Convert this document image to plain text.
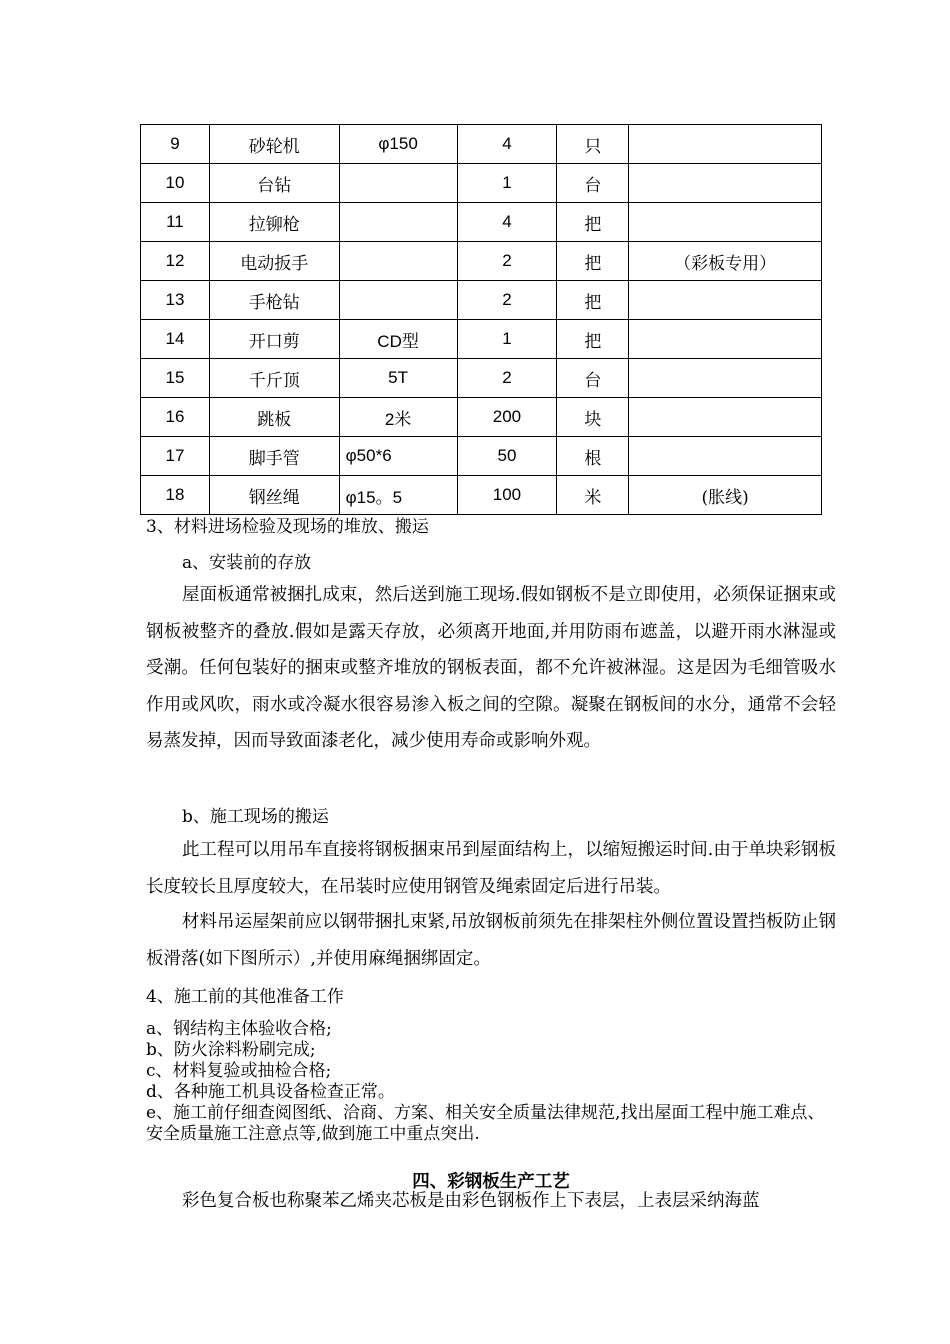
9	砂轮机	φ150	4	只	
10	台钻		1	台	
11	拉铆枪		4	把	
12	电动扳手		2	把	（彩板专用）
13	手枪钻		2	把	
14	开口剪	CD型	1	把	
15	千斤顶	5T	2	台	
16	跳板	2米	200	块	
17	脚手管	φ50*6	50	根	
18	钢丝绳	φ15。5	100	米	(胀线)
3、材料进场检验及现场的堆放、搬运
a、安装前的存放
屋面板通常被捆扎成束，然后送到施工现场.假如钢板不是立即使用，必须保证捆束或钢板被整齐的叠放.假如是露天存放，必须离开地面,并用防雨布遮盖，以避开雨水淋湿或受潮。任何包装好的捆束或整齐堆放的钢板表面，都不允许被淋湿。这是因为毛细管吸水作用或风吹，雨水或冷凝水很容易渗入板之间的空隙。凝聚在钢板间的水分，通常不会轻易蒸发掉，因而导致面漆老化，减少使用寿命或影响外观。
b、施工现场的搬运
此工程可以用吊车直接将钢板捆束吊到屋面结构上，以缩短搬运时间.由于单块彩钢板长度较长且厚度较大，在吊装时应使用钢管及绳索固定后进行吊装。
材料吊运屋架前应以钢带捆扎束紧,吊放钢板前须先在排架柱外侧位置设置挡板防止钢板滑落(如下图所示）,并使用麻绳捆绑固定。
4、施工前的其他准备工作
a、钢结构主体验收合格;
b、防火涂料粉刷完成;
c、材料复验或抽检合格;
d、各种施工机具设备检查正常。
e、施工前仔细查阅图纸、洽商、方案、相关安全质量法律规范,找出屋面工程中施工难点、安全质量施工注意点等,做到施工中重点突出.
四、彩钢板生产工艺
彩色复合板也称聚苯乙烯夹芯板是由彩色钢板作上下表层，上表层采纳海蓝
